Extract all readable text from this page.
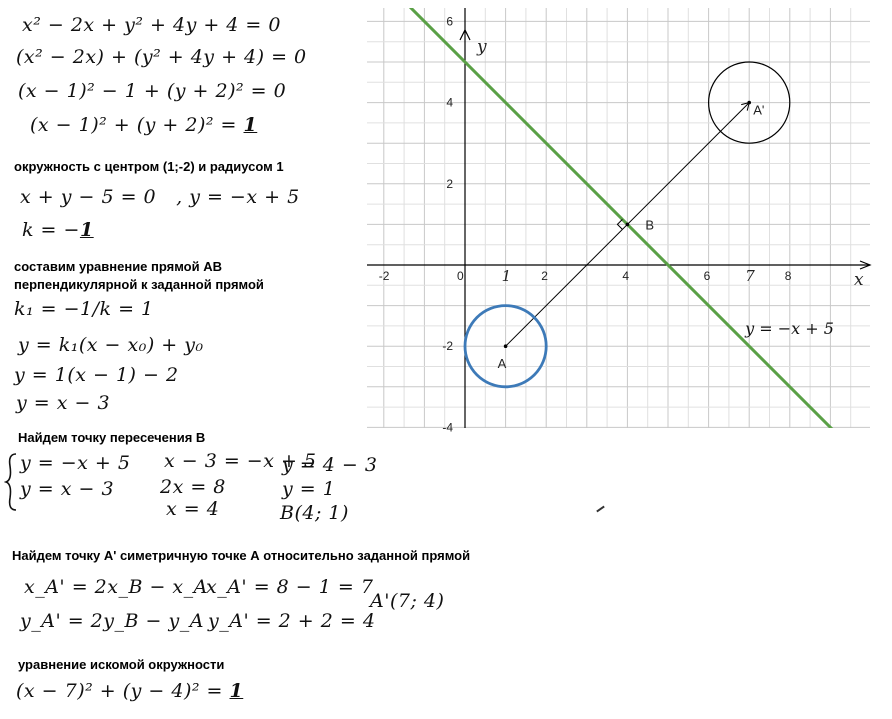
y
x
-2	0	2	4	6	8
-4
-2
2
4
6
1	7
y = −x + 5
A
B
A'
x² − 2x + y² + 4y + 4 = 0
(x² − 2x) + (y² + 4y + 4) = 0
(x − 1)² − 1 + (y + 2)² = 0
(x − 1)² + (y + 2)² = 1
окружность с центром (1;-2) и радиусом 1
x + y − 5 = 0 , y = −x + 5
k = −1
составим уравнение прямой AB
перпендикулярной к заданной прямой
k₁ = −1/k = 1
y = k₁(x − x₀) + y₀
y = 1(x − 1) − 2
y = x − 3
Найдем точку пересечения В
y = −x + 5
y = x − 3
x − 3 = −x + 5
2x = 8
x = 4
y = 4 − 3
y = 1
B(4; 1)
Найдем точку А' симетричную точке А относительно заданной прямой
x_A' = 2x_B − x_A
y_A' = 2y_B − y_A
x_A' = 8 − 1 = 7
y_A' = 2 + 2 = 4
A'(7; 4)
уравнение искомой окружности
(x − 7)² + (y − 4)² = 1
